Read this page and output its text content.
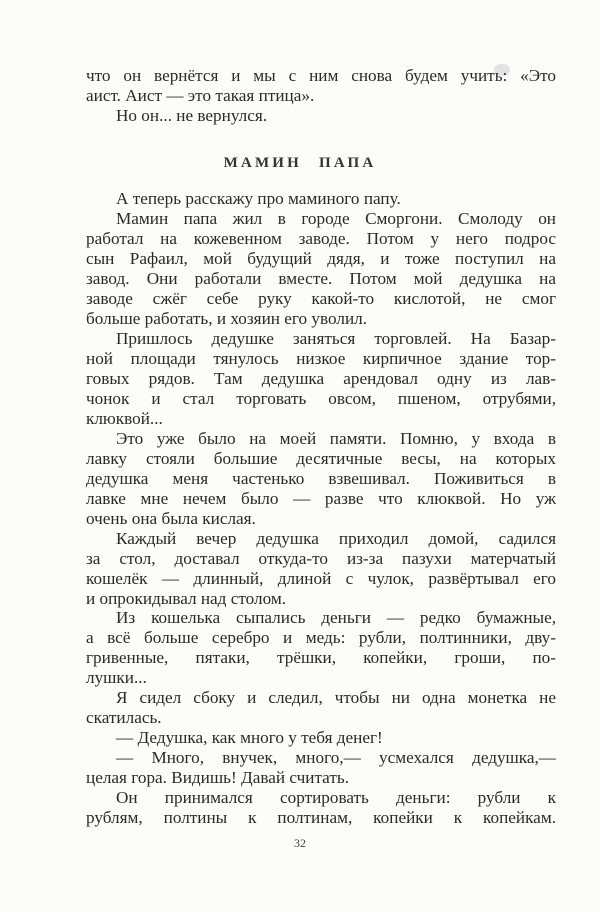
что он вернётся и мы с ним снова будем учить: «Это
аист. Аист — это такая птица».
Но он... не вернулся.
МАМИН ПАПА
А теперь расскажу про маминого папу.
Мамин папа жил в городе Сморгони. Смолоду он
работал на кожевенном заводе. Потом у него подрос
сын Рафаил, мой будущий дядя, и тоже поступил на
завод. Они работали вместе. Потом мой дедушка на
заводе сжёг себе руку какой-то кислотой, не смог
больше работать, и хозяин его уволил.
Пришлось дедушке заняться торговлей. На Базар-
ной площади тянулось низкое кирпичное здание тор-
говых рядов. Там дедушка арендовал одну из лав-
чонок и стал торговать овсом, пшеном, отрубями,
клюквой...
Это уже было на моей памяти. Помню, у входа в
лавку стояли большие десятичные весы, на которых
дедушка меня частенько взвешивал. Поживиться в
лавке мне нечем было — разве что клюквой. Но уж
очень она была кислая.
Каждый вечер дедушка приходил домой, садился
за стол, доставал откуда-то из-за пазухи матерчатый
кошелёк — длинный, длиной с чулок, развёртывал его
и опрокидывал над столом.
Из кошелька сыпались деньги — редко бумажные,
а всё больше серебро и медь: рубли, полтинники, дву-
гривенные, пятаки, трёшки, копейки, гроши, по-
лушки...
Я сидел сбоку и следил, чтобы ни одна монетка не
скатилась.
— Дедушка, как много у тебя денег!
— Много, внучек, много,— усмехался дедушка,—
целая гора. Видишь! Давай считать.
Он принимался сортировать деньги: рубли к
рублям, полтины к полтинам, копейки к копейкам.
32
